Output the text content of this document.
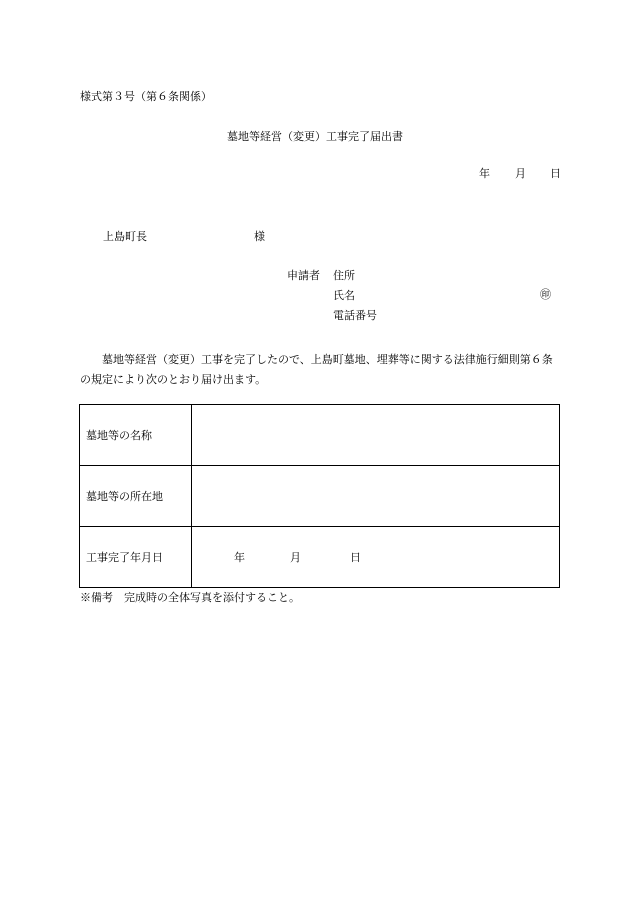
様式第３号（第６条関係）
墓地等経営（変更）工事完了届出書
年 月 日
上島町長	様
申請者 住所
氏名	㊞
電話番号
墓地等経営（変更）工事を完了したので、上島町墓地、埋葬等に関する法律施行細則第６条の規定により次のとおり届け出ます。
墓地等の名称	
墓地等の所在地	
工事完了年月日	年 月 日
※備考　完成時の全体写真を添付すること。
